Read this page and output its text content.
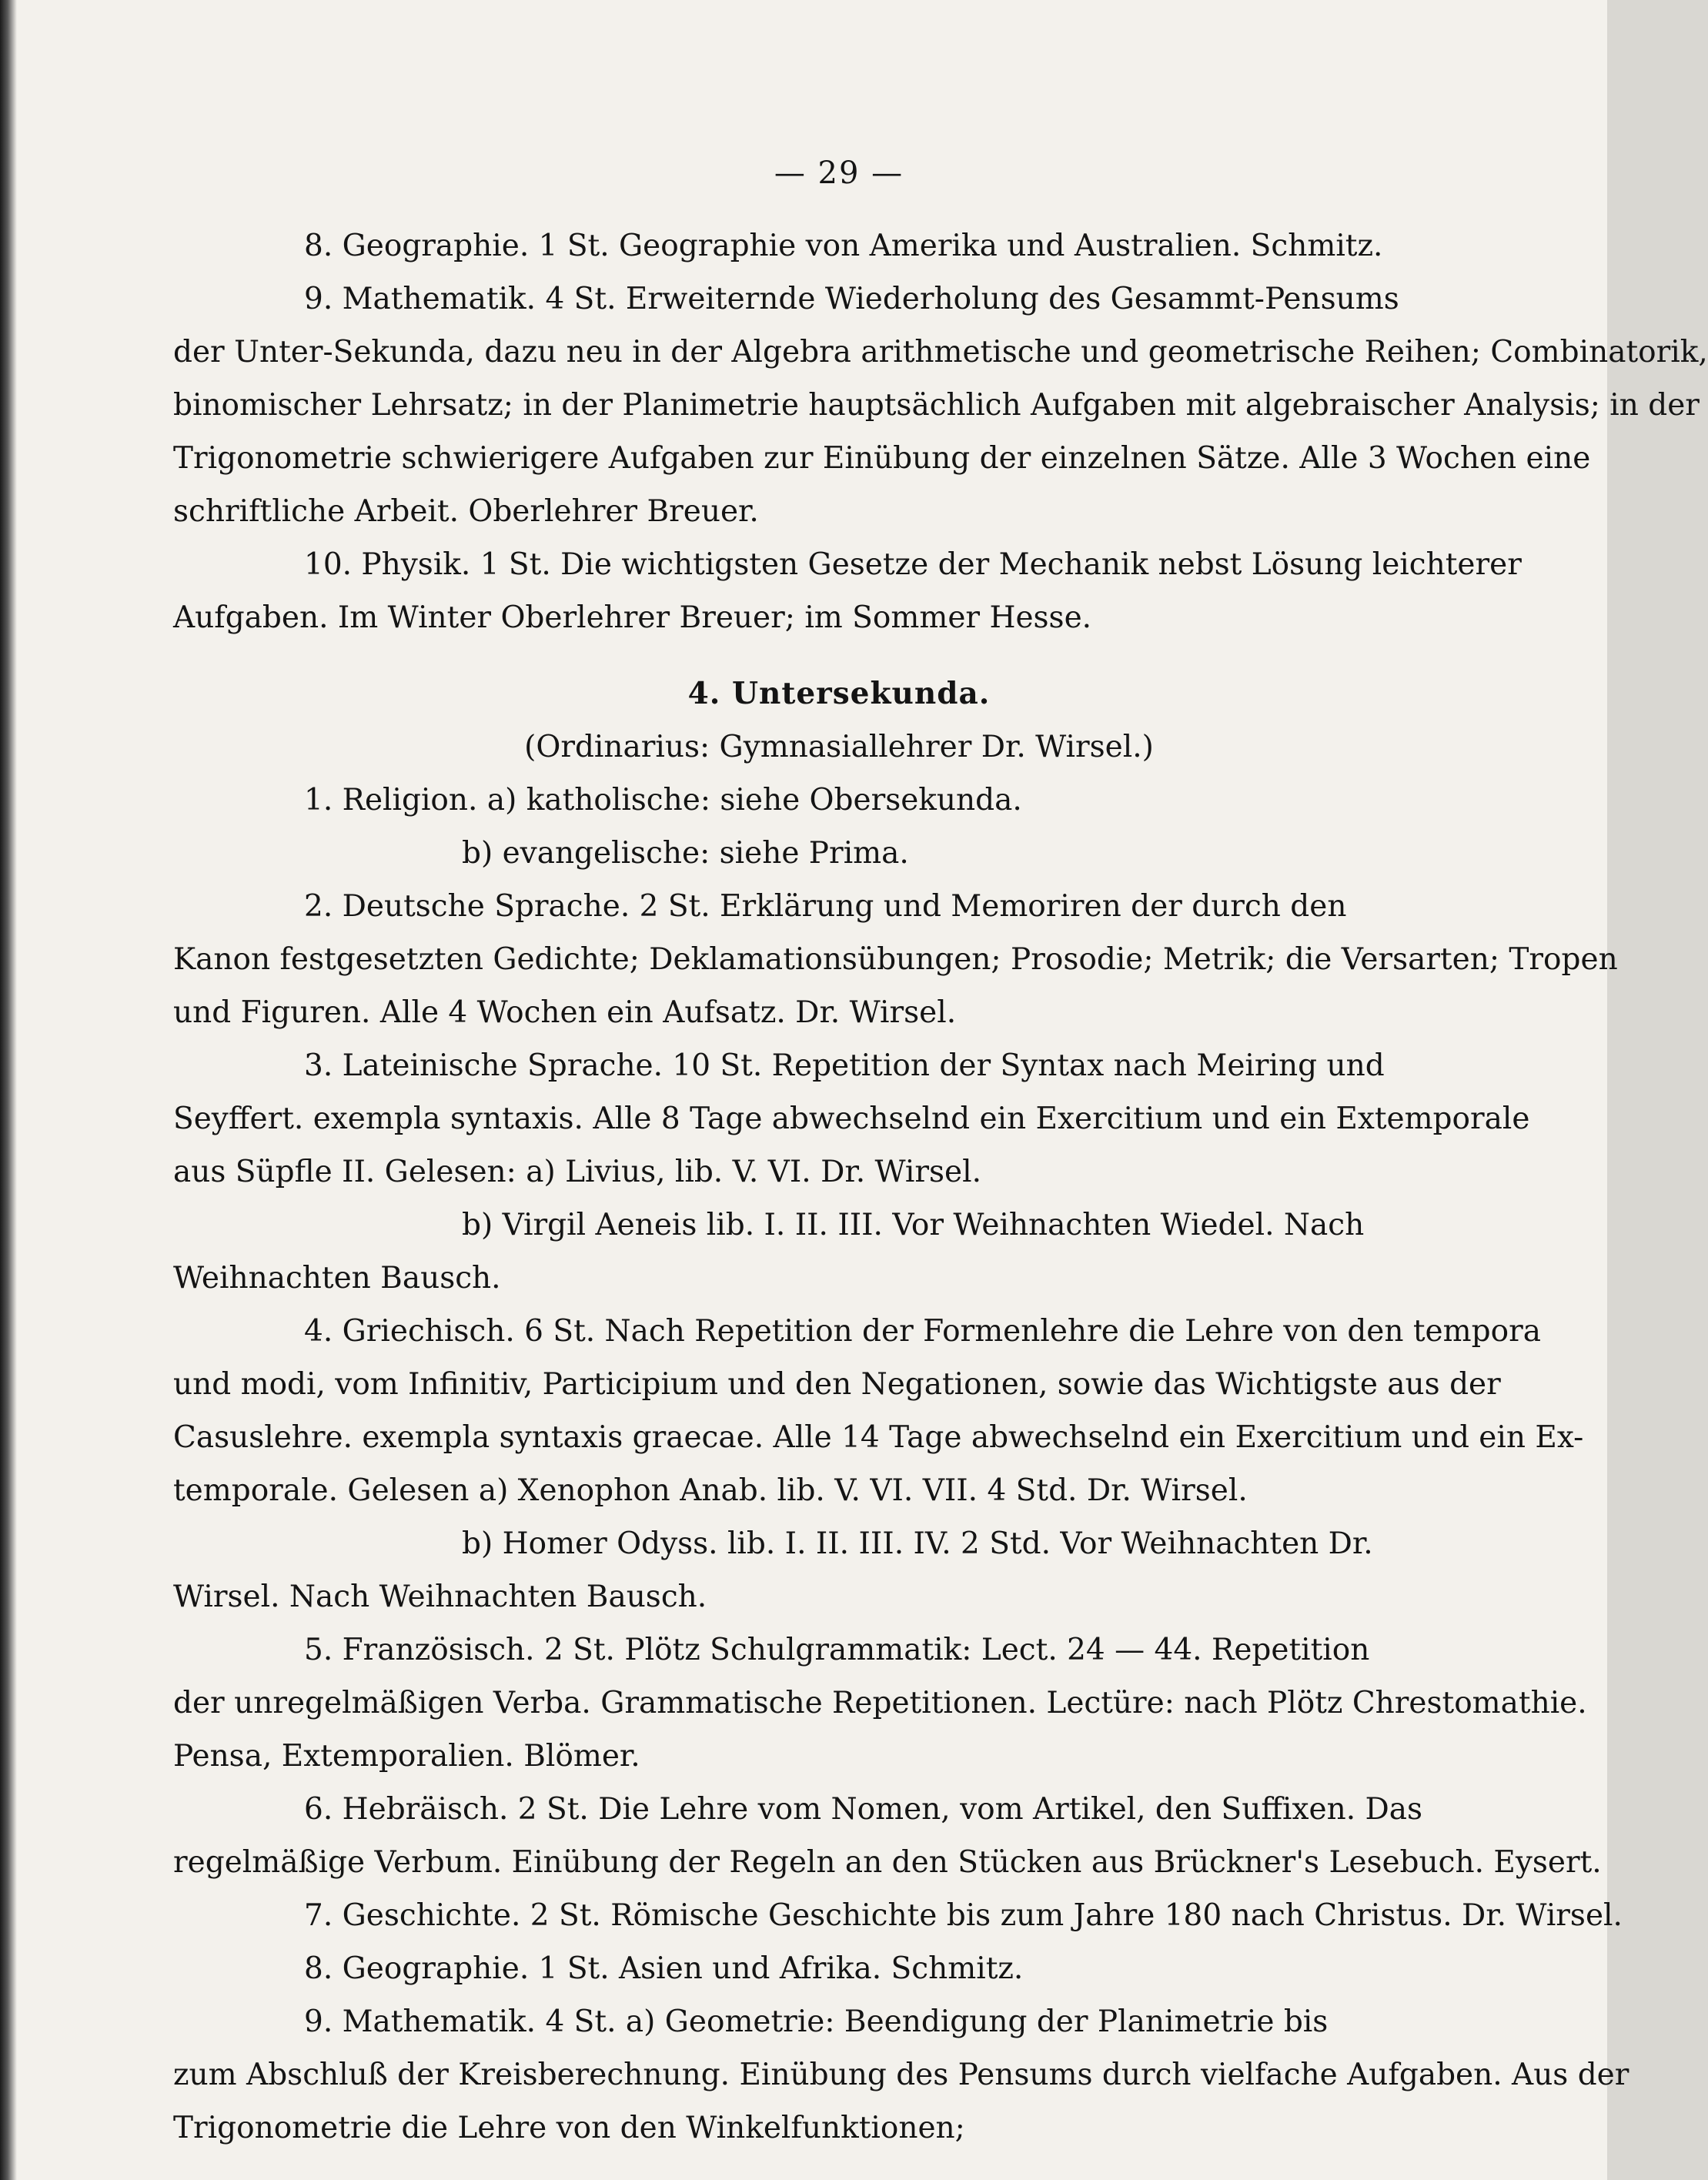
— 29 —
8. Geographie. 1 St. Geographie von Amerika und Australien. Schmitz.
9. Mathematik. 4 St. Erweiternde Wiederholung des Gesammt-Pensums
der Unter-Sekunda, dazu neu in der Algebra arithmetische und geometrische Reihen; Combinatorik,
binomischer Lehrsatz; in der Planimetrie hauptsächlich Aufgaben mit algebraischer Analysis; in der
Trigonometrie schwierigere Aufgaben zur Einübung der einzelnen Sätze. Alle 3 Wochen eine
schriftliche Arbeit. Oberlehrer Breuer.
10. Physik. 1 St. Die wichtigsten Gesetze der Mechanik nebst Lösung leichterer
Aufgaben. Im Winter Oberlehrer Breuer; im Sommer Hesse.
4. Untersekunda.
(Ordinarius: Gymnasiallehrer Dr. Wirsel.)
1. Religion. a) katholische: siehe Obersekunda.
b) evangelische: siehe Prima.
2. Deutsche Sprache. 2 St. Erklärung und Memoriren der durch den
Kanon festgesetzten Gedichte; Deklamationsübungen; Prosodie; Metrik; die Versarten; Tropen
und Figuren. Alle 4 Wochen ein Aufsatz. Dr. Wirsel.
3. Lateinische Sprache. 10 St. Repetition der Syntax nach Meiring und
Seyffert. exempla syntaxis. Alle 8 Tage abwechselnd ein Exercitium und ein Extemporale
aus Süpfle II. Gelesen: a) Livius, lib. V. VI. Dr. Wirsel.
b) Virgil Aeneis lib. I. II. III. Vor Weihnachten Wiedel. Nach
Weihnachten Bausch.
4. Griechisch. 6 St. Nach Repetition der Formenlehre die Lehre von den tempora
und modi, vom Infinitiv, Participium und den Negationen, sowie das Wichtigste aus der
Casuslehre. exempla syntaxis graecae. Alle 14 Tage abwechselnd ein Exercitium und ein Ex-
temporale. Gelesen a) Xenophon Anab. lib. V. VI. VII. 4 Std. Dr. Wirsel.
b) Homer Odyss. lib. I. II. III. IV. 2 Std. Vor Weihnachten Dr.
Wirsel. Nach Weihnachten Bausch.
5. Französisch. 2 St. Plötz Schulgrammatik: Lect. 24 — 44. Repetition
der unregelmäßigen Verba. Grammatische Repetitionen. Lectüre: nach Plötz Chrestomathie.
Pensa, Extemporalien. Blömer.
6. Hebräisch. 2 St. Die Lehre vom Nomen, vom Artikel, den Suffixen. Das
regelmäßige Verbum. Einübung der Regeln an den Stücken aus Brückner's Lesebuch. Eysert.
7. Geschichte. 2 St. Römische Geschichte bis zum Jahre 180 nach Christus. Dr. Wirsel.
8. Geographie. 1 St. Asien und Afrika. Schmitz.
9. Mathematik. 4 St. a) Geometrie: Beendigung der Planimetrie bis
zum Abschluß der Kreisberechnung. Einübung des Pensums durch vielfache Aufgaben. Aus der
Trigonometrie die Lehre von den Winkelfunktionen;
